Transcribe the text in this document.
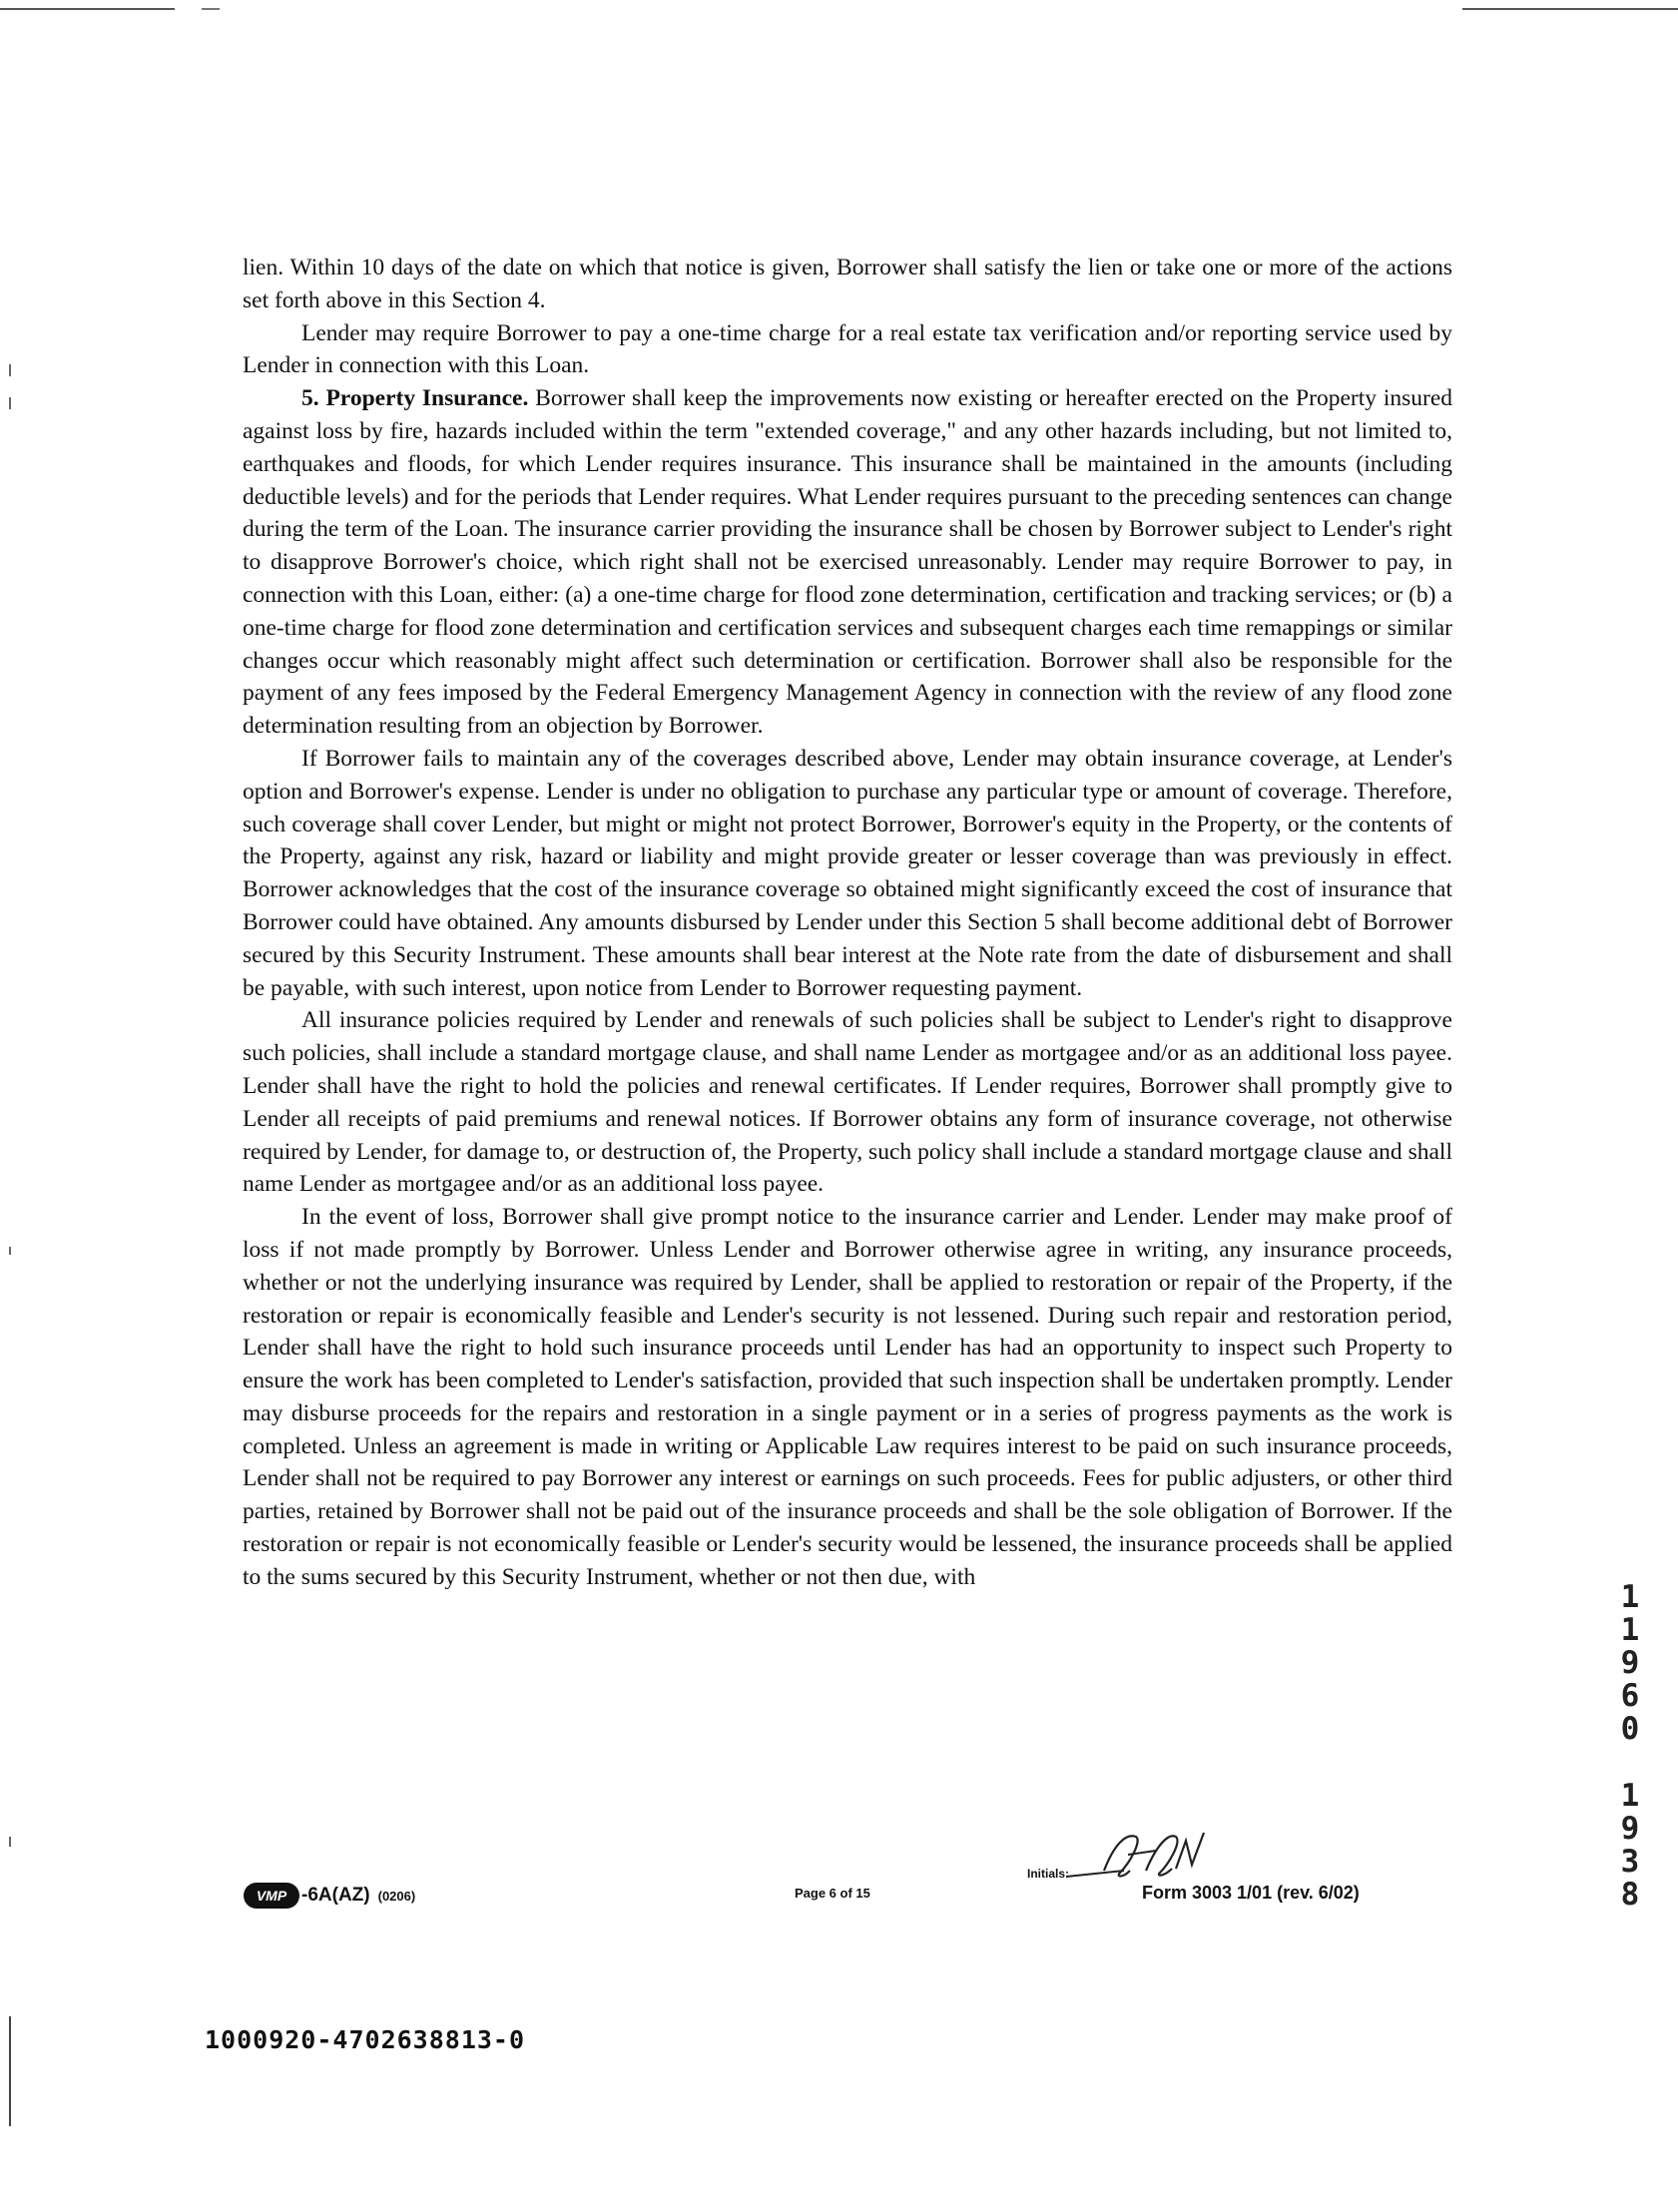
lien. Within 10 days of the date on which that notice is given, Borrower shall satisfy the lien or take one or more of the actions set forth above in this Section 4.

Lender may require Borrower to pay a one-time charge for a real estate tax verification and/or reporting service used by Lender in connection with this Loan.

5. Property Insurance. Borrower shall keep the improvements now existing or hereafter erected on the Property insured against loss by fire, hazards included within the term "extended coverage," and any other hazards including, but not limited to, earthquakes and floods, for which Lender requires insurance. This insurance shall be maintained in the amounts (including deductible levels) and for the periods that Lender requires. What Lender requires pursuant to the preceding sentences can change during the term of the Loan. The insurance carrier providing the insurance shall be chosen by Borrower subject to Lender's right to disapprove Borrower's choice, which right shall not be exercised unreasonably. Lender may require Borrower to pay, in connection with this Loan, either: (a) a one-time charge for flood zone determination, certification and tracking services; or (b) a one-time charge for flood zone determination and certification services and subsequent charges each time remappings or similar changes occur which reasonably might affect such determination or certification. Borrower shall also be responsible for the payment of any fees imposed by the Federal Emergency Management Agency in connection with the review of any flood zone determination resulting from an objection by Borrower.

If Borrower fails to maintain any of the coverages described above, Lender may obtain insurance coverage, at Lender's option and Borrower's expense. Lender is under no obligation to purchase any particular type or amount of coverage. Therefore, such coverage shall cover Lender, but might or might not protect Borrower, Borrower's equity in the Property, or the contents of the Property, against any risk, hazard or liability and might provide greater or lesser coverage than was previously in effect. Borrower acknowledges that the cost of the insurance coverage so obtained might significantly exceed the cost of insurance that Borrower could have obtained. Any amounts disbursed by Lender under this Section 5 shall become additional debt of Borrower secured by this Security Instrument. These amounts shall bear interest at the Note rate from the date of disbursement and shall be payable, with such interest, upon notice from Lender to Borrower requesting payment.

All insurance policies required by Lender and renewals of such policies shall be subject to Lender's right to disapprove such policies, shall include a standard mortgage clause, and shall name Lender as mortgagee and/or as an additional loss payee. Lender shall have the right to hold the policies and renewal certificates. If Lender requires, Borrower shall promptly give to Lender all receipts of paid premiums and renewal notices. If Borrower obtains any form of insurance coverage, not otherwise required by Lender, for damage to, or destruction of, the Property, such policy shall include a standard mortgage clause and shall name Lender as mortgagee and/or as an additional loss payee.

In the event of loss, Borrower shall give prompt notice to the insurance carrier and Lender. Lender may make proof of loss if not made promptly by Borrower. Unless Lender and Borrower otherwise agree in writing, any insurance proceeds, whether or not the underlying insurance was required by Lender, shall be applied to restoration or repair of the Property, if the restoration or repair is economically feasible and Lender's security is not lessened. During such repair and restoration period, Lender shall have the right to hold such insurance proceeds until Lender has had an opportunity to inspect such Property to ensure the work has been completed to Lender's satisfaction, provided that such inspection shall be undertaken promptly. Lender may disburse proceeds for the repairs and restoration in a single payment or in a series of progress payments as the work is completed. Unless an agreement is made in writing or Applicable Law requires interest to be paid on such insurance proceeds, Lender shall not be required to pay Borrower any interest or earnings on such proceeds. Fees for public adjusters, or other third parties, retained by Borrower shall not be paid out of the insurance proceeds and shall be the sole obligation of Borrower. If the restoration or repair is not economically feasible or Lender's security would be lessened, the insurance proceeds shall be applied to the sums secured by this Security Instrument, whether or not then due, with

1
1
9
6
0
1
9
3
8
VMP -6A(AZ) (0206)	Page 6 of 15
Initials:
Form 3003 1/01 (rev. 6/02)
1000920-4702638813-0
